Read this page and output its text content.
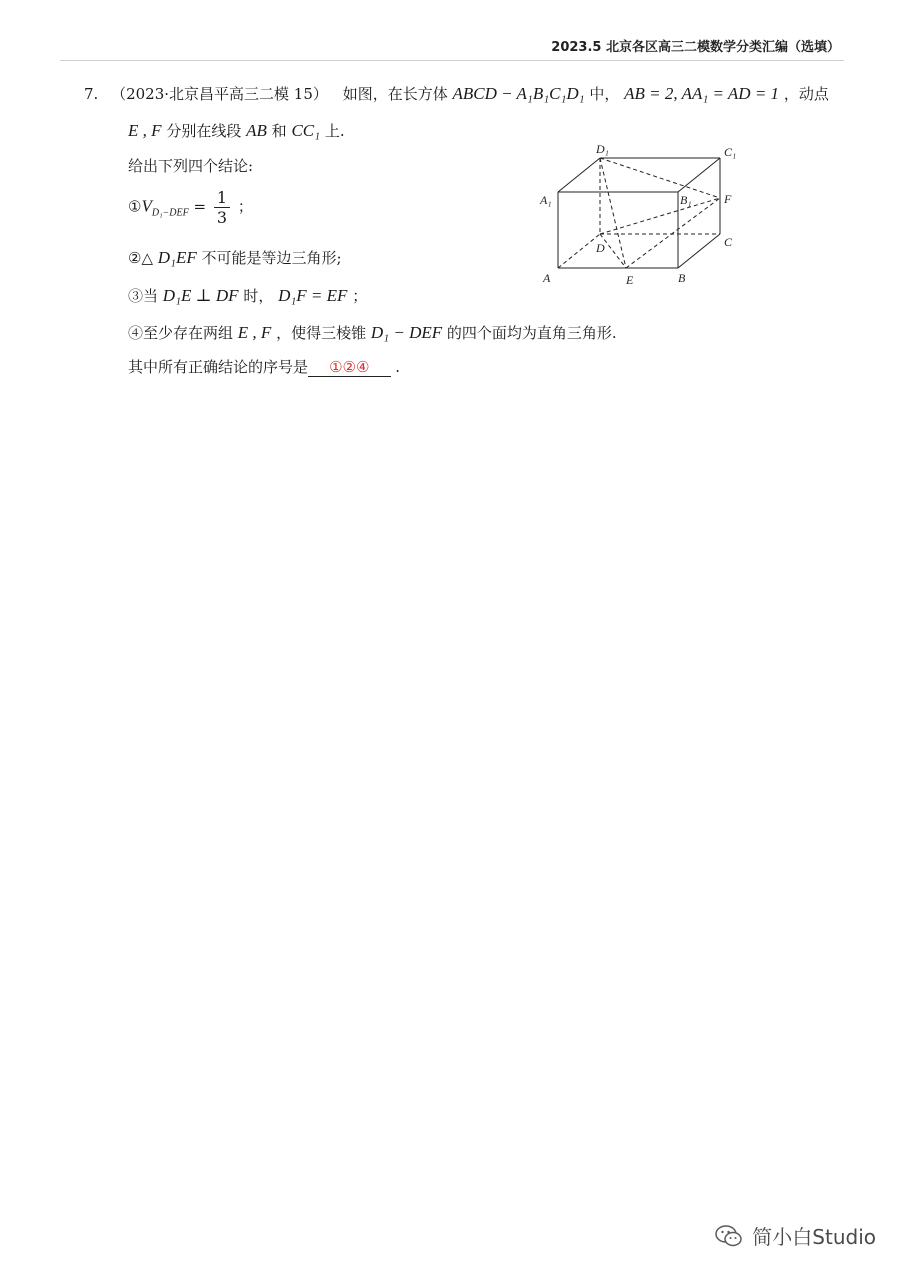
2023.5 北京各区高三二模数学分类汇编（选填）
7. （2023·北京昌平高三二模 15） 如图，在长方体 ABCD − A₁B₁C₁D₁ 中， AB = 2, AA₁ = AD = 1 ，动点
E , F 分别在线段 AB 和 CC₁ 上.
给出下列四个结论:
$①V_{D_1-DEF} = \frac{1}{3}$ ；
②△ D₁EF 不可能是等边三角形;
③当 D₁E ⊥ DF 时， D₁F = EF ；
④至少存在两组 E , F ，使得三棱锥 D₁ − DEF 的四个面均为直角三角形.
其中所有正确结论的序号是 ①②④ .
D₁	C₁
A₁	B₁	F
D	C
A	E	B
简小白Studio
